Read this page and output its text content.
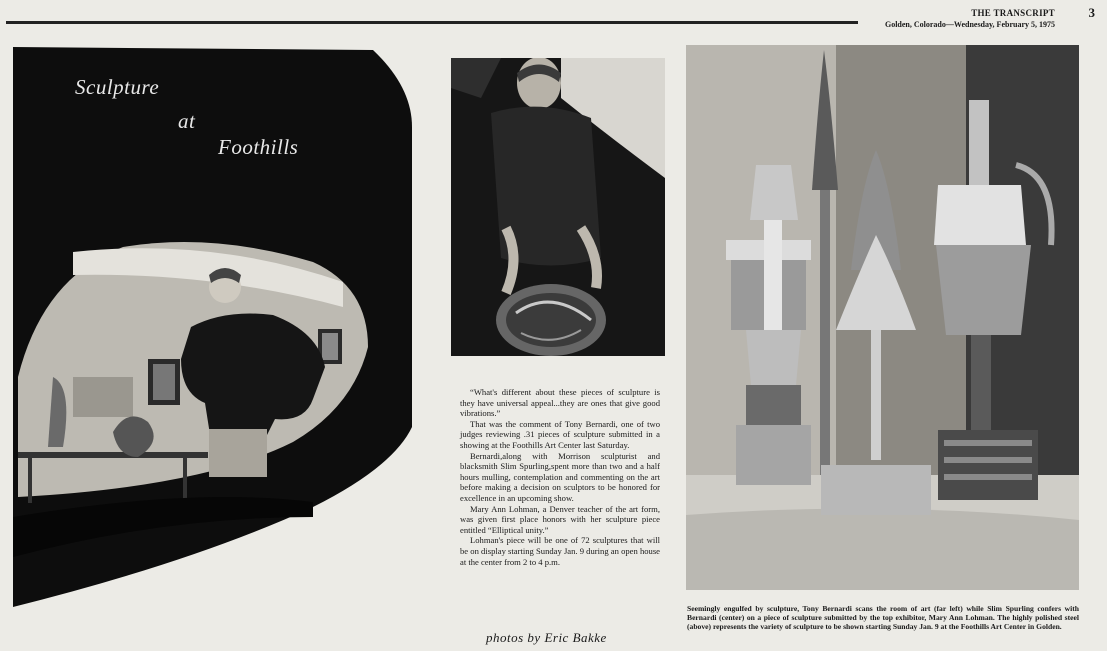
THE TRANSCRIPT
Golden, Colorado—Wednesday, February 5, 1975
3
Sculpture
at
Foothills

“What's different about these pieces of sculpture is they have universal appeal...they are ones that give good vibrations.”

That was the comment of Tony Bernardi, one of two judges reviewing .31 pieces of sculpture submitted in a showing at the Foothills Art Center last Saturday.

Bernardi,along with Morrison sculpturist and blacksmith Slim Spurling,spent more than two and a half hours mulling, contemplation and commenting on the art before making a decision on sculptors to be honored for excellence in an upcoming show.

Mary Ann Lohman, a Denver teacher of the art form, was given first place honors with her sculpture piece entitled “Elliptical unity.”

Lohman's piece will be one of 72 sculptures that will be on display starting Sunday Jan. 9 during an open house at the center from 2 to 4 p.m.

photos by Eric Bakke
Seemingly engulfed by sculpture, Tony Bernardi scans the room of art (far left) while Slim Spurling confers with Bernardi (center) on a piece of sculpture submitted by the top exhibitor, Mary Ann Lohman. The highly polished steel (above) represents the variety of sculpture to be shown starting Sunday Jan. 9 at the Foothills Art Center in Golden.
